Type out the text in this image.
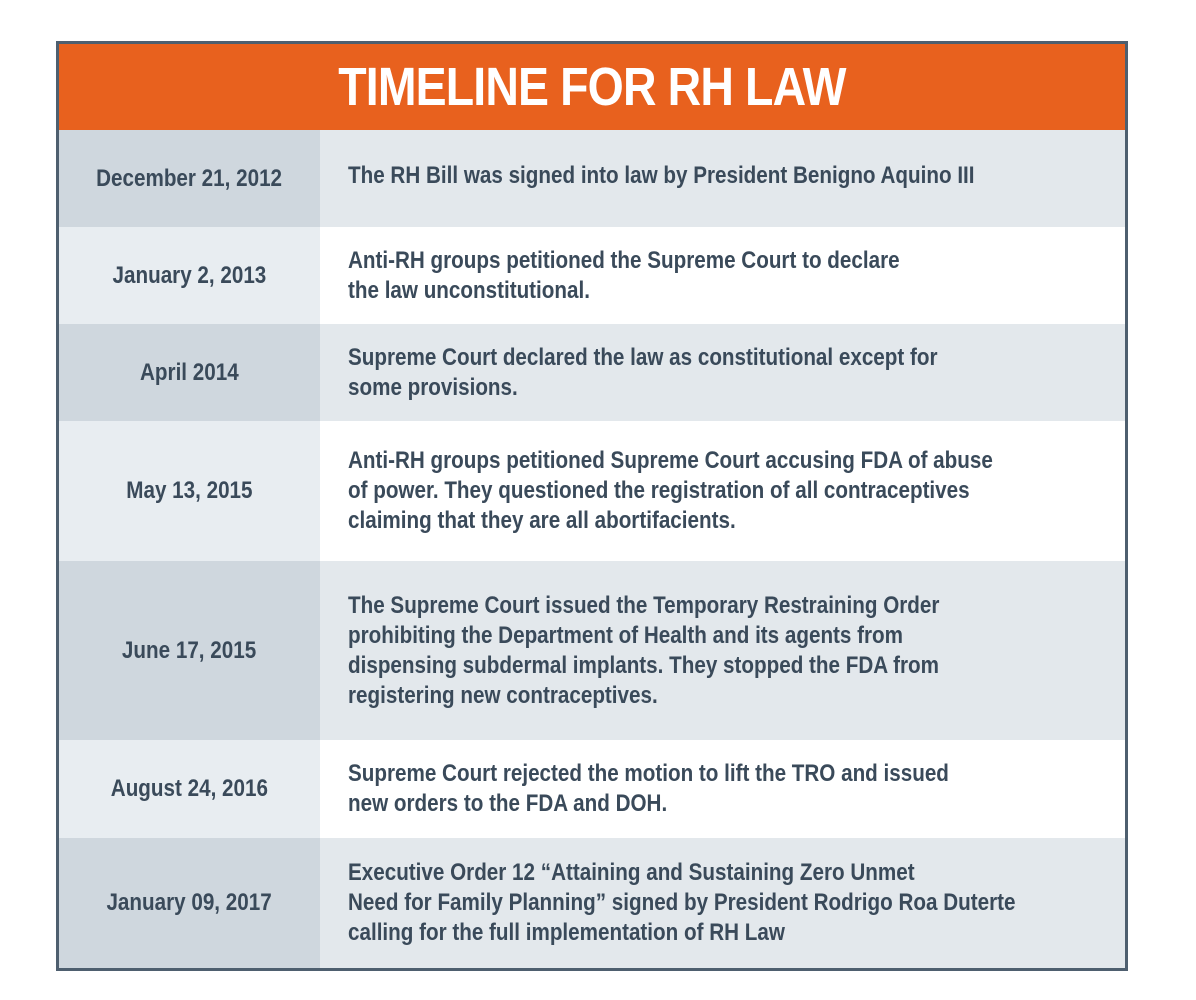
TIMELINE FOR RH LAW
December 21, 2012	The RH Bill was signed into law by President Benigno Aquino III
January 2, 2013
Anti-RH groups petitioned the Supreme Court to declare
the law unconstitutional.
April 2014
Supreme Court declared the law as constitutional except for
some provisions.
May 13, 2015
Anti-RH groups petitioned Supreme Court accusing FDA of abuse
of power. They questioned the registration of all contraceptives
claiming that they are all abortifacients.
June 17, 2015
The Supreme Court issued the Temporary Restraining Order
prohibiting the Department of Health and its agents from
dispensing subdermal implants. They stopped the FDA from
registering new contraceptives.
August 24, 2016
Supreme Court rejected the motion to lift the TRO and issued
new orders to the FDA and DOH.
January 09, 2017
Executive Order 12 “Attaining and Sustaining Zero Unmet
Need for Family Planning” signed by President Rodrigo Roa Duterte
calling for the full implementation of RH Law
